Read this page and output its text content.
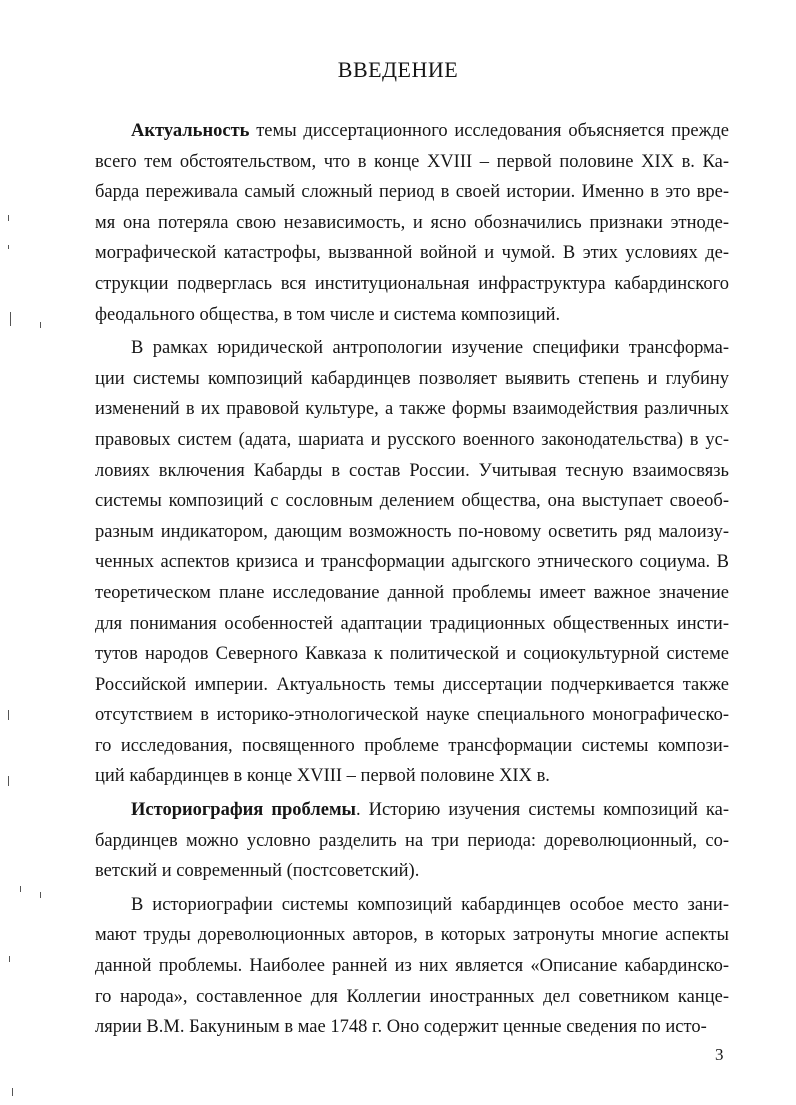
ВВЕДЕНИЕ

Актуальность темы диссертационного исследования объясняется прежде
всего тем обстоятельством, что в конце XVIII – первой половине XIX в. Ка-
барда переживала самый сложный период в своей истории. Именно в это вре-
мя она потеряла свою независимость, и ясно обозначились признаки этноде-
мографической катастрофы, вызванной войной и чумой. В этих условиях де-
струкции подверглась вся институциональная инфраструктура кабардинского
феодального общества, в том числе и система композиций.

В рамках юридической антропологии изучение специфики трансформа-
ции системы композиций кабардинцев позволяет выявить степень и глубину
изменений в их правовой культуре, а также формы взаимодействия различных
правовых систем (адата, шариата и русского военного законодательства) в ус-
ловиях включения Кабарды в состав России. Учитывая тесную взаимосвязь
системы композиций с сословным делением общества, она выступает своеоб-
разным индикатором, дающим возможность по-новому осветить ряд малоизу-
ченных аспектов кризиса и трансформации адыгского этнического социума. В
теоретическом плане исследование данной проблемы имеет важное значение
для понимания особенностей адаптации традиционных общественных инсти-
тутов народов Северного Кавказа к политической и социокультурной системе
Российской империи. Актуальность темы диссертации подчеркивается также
отсутствием в историко-этнологической науке специального монографическо-
го исследования, посвященного проблеме трансформации системы компози-
ций кабардинцев в конце XVIII – первой половине XIX в.

Историография проблемы. Историю изучения системы композиций ка-
бардинцев можно условно разделить на три периода: дореволюционный, со-
ветский и современный (постсоветский).

В историографии системы композиций кабардинцев особое место зани-
мают труды дореволюционных авторов, в которых затронуты многие аспекты
данной проблемы. Наиболее ранней из них является «Описание кабардинско-
го народа», составленное для Коллегии иностранных дел советником канце-
лярии В.М. Бакуниным в мае 1748 г. Оно содержит ценные сведения по исто-

3
